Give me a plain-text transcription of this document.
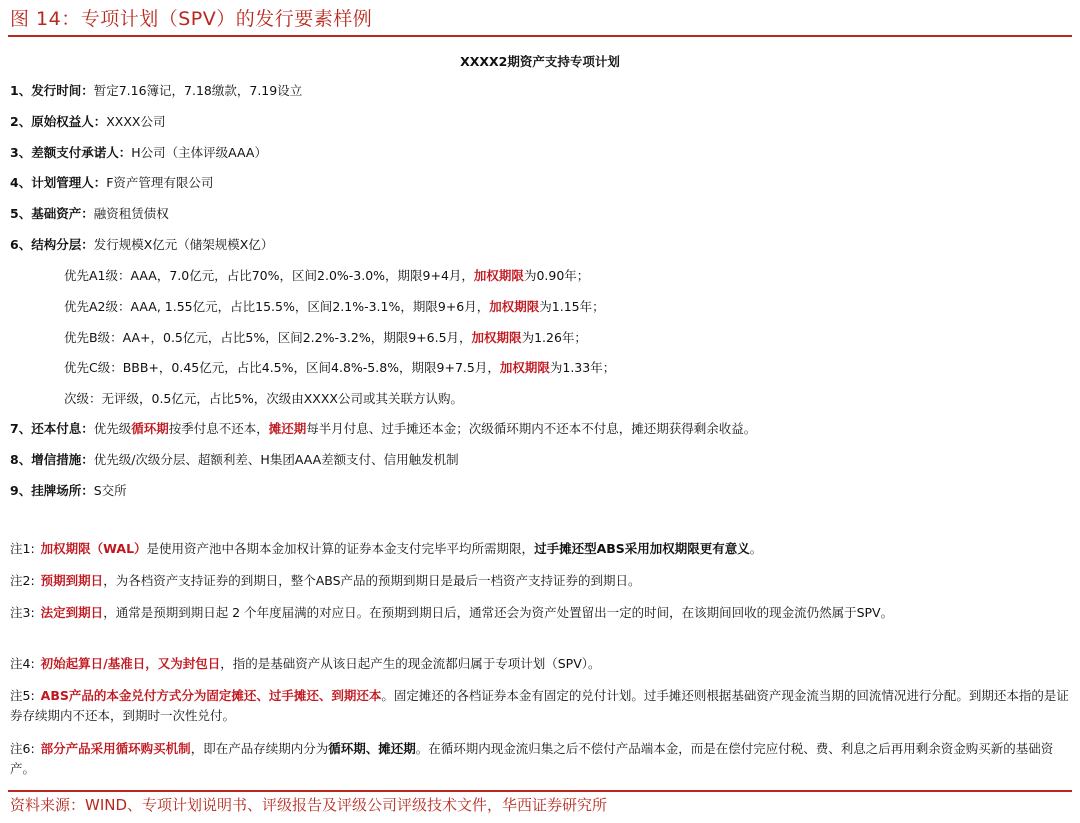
图 14：专项计划（SPV）的发行要素样例
XXXX2期资产支持专项计划
1、发行时间：暂定7.16簿记，7.18缴款，7.19设立
2、原始权益人：XXXX公司
3、差额支付承诺人：H公司（主体评级AAA）
4、计划管理人：F资产管理有限公司
5、基础资产：融资租赁债权
6、结构分层：发行规模X亿元（储架规模X亿）
优先A1级：AAA，7.0亿元，占比70%，区间2.0%-3.0%，期限9+4月，加权期限为0.90年；
优先A2级：AAA, 1.55亿元，占比15.5%，区间2.1%-3.1%，期限9+6月，加权期限为1.15年；
优先B级：AA+，0.5亿元，占比5%，区间2.2%-3.2%，期限9+6.5月，加权期限为1.26年；
优先C级：BBB+，0.45亿元，占比4.5%，区间4.8%-5.8%，期限9+7.5月，加权期限为1.33年；
次级：无评级，0.5亿元，占比5%，次级由XXXX公司或其关联方认购。
7、还本付息：优先级循环期按季付息不还本，摊还期每半月付息、过手摊还本金；次级循环期内不还本不付息，摊还期获得剩余收益。
8、增信措施：优先级/次级分层、超额利差、H集团AAA差额支付、信用触发机制
9、挂牌场所：S交所
注1: 加权期限（WAL）是使用资产池中各期本金加权计算的证券本金支付完毕平均所需期限，过手摊还型ABS采用加权期限更有意义。
注2: 预期到期日，为各档资产支持证券的到期日，整个ABS产品的预期到期日是最后一档资产支持证券的到期日。
注3: 法定到期日，通常是预期到期日起 2 个年度届满的对应日。在预期到期日后，通常还会为资产处置留出一定的时间，在该期间回收的现金流仍然属于SPV。
注4: 初始起算日/基准日，又为封包日，指的是基础资产从该日起产生的现金流都归属于专项计划（SPV）。
注5: ABS产品的本金兑付方式分为固定摊还、过手摊还、到期还本。固定摊还的各档证券本金有固定的兑付计划。过手摊还则根据基础资产现金流当期的回流情况进行分配。到期还本指的是证券存续期内不还本，到期时一次性兑付。
注6: 部分产品采用循环购买机制，即在产品存续期内分为循环期、摊还期。在循环期内现金流归集之后不偿付产品端本金，而是在偿付完应付税、费、利息之后再用剩余资金购买新的基础资产。
资料来源：WIND、专项计划说明书、评级报告及评级公司评级技术文件，华西证券研究所
